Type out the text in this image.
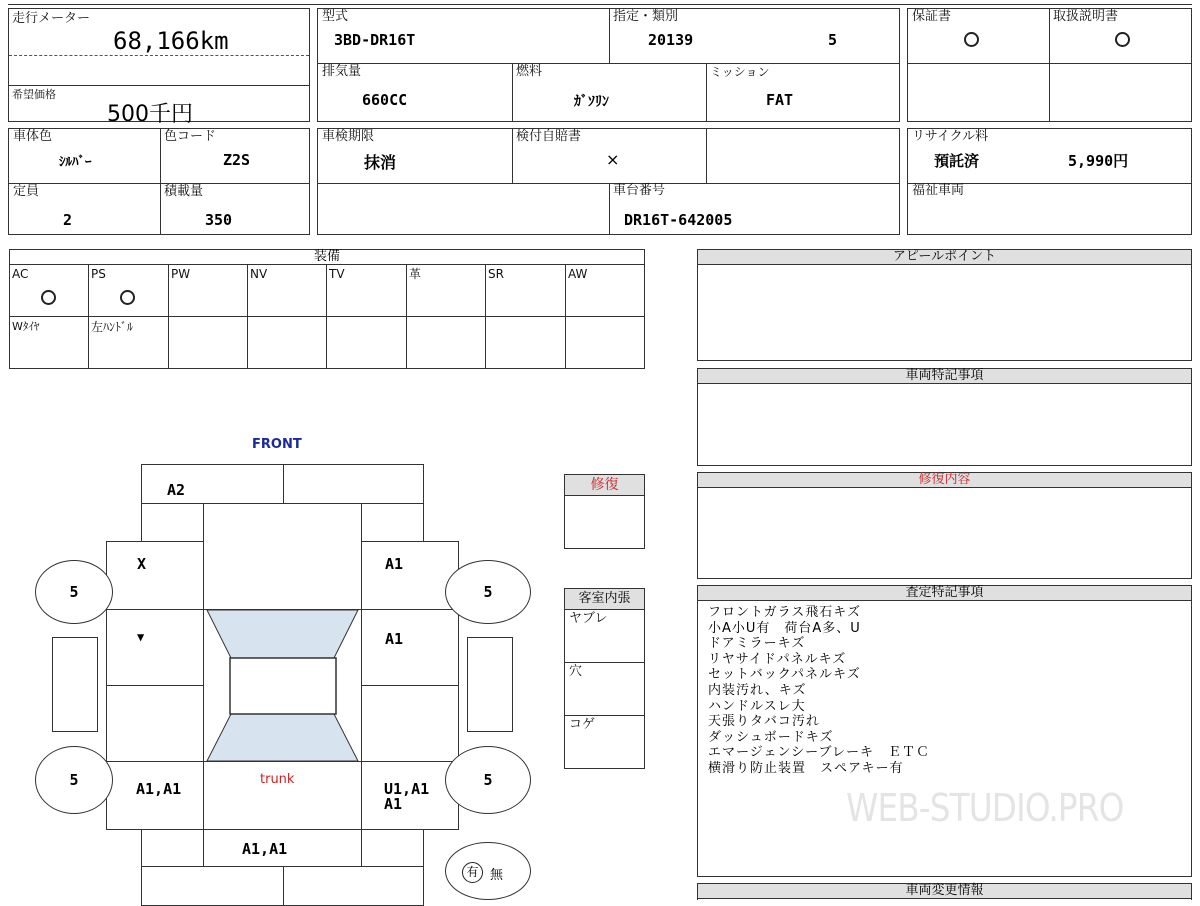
走行メーター
68,166km
希望価格
500千円
型式
3BD-DR16T
指定・類別
20139	5
排気量
660CC
燃料
ｶﾞｿﾘﾝ
ミッション
FAT
保証書	取扱説明書
車体色
ｼﾙﾊﾞｰ
色コード
Z2S
定員
2
積載量
350
車検期限
抹消
検付自賠書
×
車台番号
DR16T-642005
リサイクル料
預託済	5,990円
福祉車両
装備
AC	PS	PW	NV	TV	革	SR	AW
Wﾀｲﾔ	左ﾊﾝﾄﾞﾙ
アピールポイント
車両特記事項
修復内容
査定特記事項
フロントガラス飛石キズ
小A小U有　荷台A多、U
ドアミラーキズ
リヤサイドパネルキズ
セットバックパネルキズ
内装汚れ、キズ
ハンドルスレ大
天張りタバコ汚れ
ダッシュボードキズ
エマージェンシーブレーキ　ＥＴＣ
横滑り防止装置　スペアキー有
車両変更情報
WEB-STUDIO.PRO
修復
客室内張
ヤブレ
穴
コゲ
FRONT
A2
trunk
5	5
5	5
X
▼
A1
A1
A1,A1	U1,A1
A1
A1,A1
有 無
